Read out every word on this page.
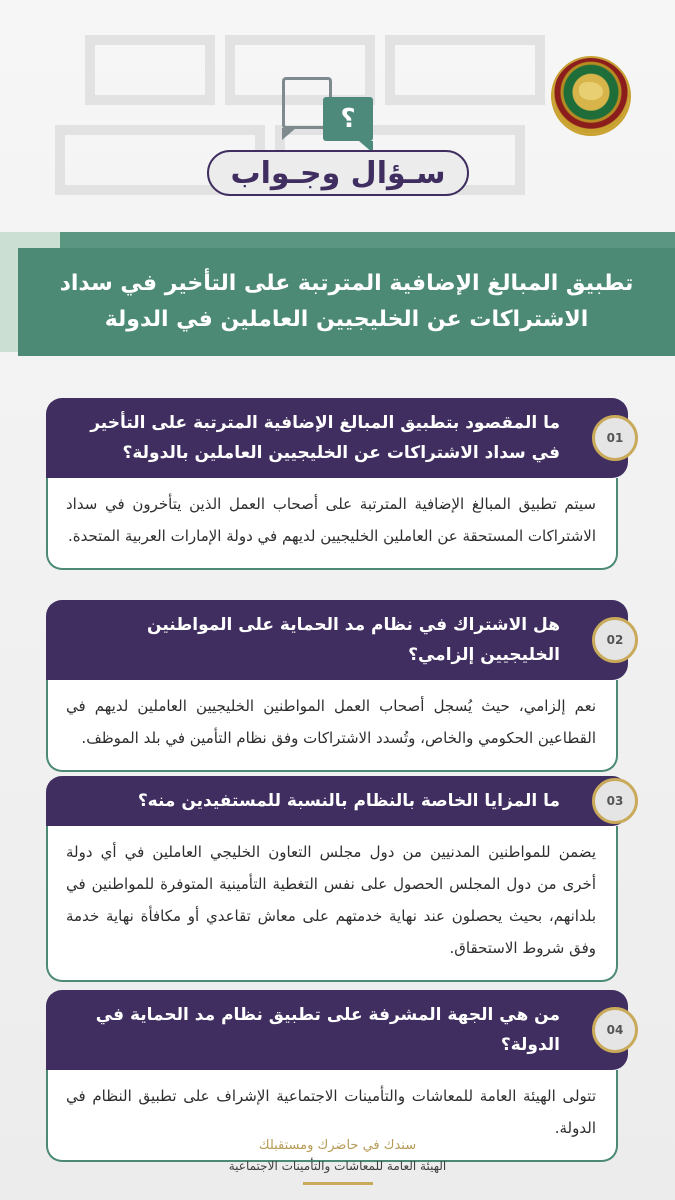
؟
سـؤال وجـواب
تطبيق المبالغ الإضافية المترتبة على التأخير في سداد
الاشتراكات عن الخليجيين العاملين في الدولة
ما المقصود بتطبيق المبالغ الإضافية المترتبة على التأخير في سداد الاشتراكات عن الخليجيين العاملين بالدولة؟
01
سيتم تطبيق المبالغ الإضافية المترتبة على أصحاب العمل الذين يتأخرون في سداد الاشتراكات المستحقة عن العاملين الخليجيين لديهم في دولة الإمارات العربية المتحدة.
هل الاشتراك في نظام مد الحماية على المواطنين الخليجيين إلزامي؟
02
نعم إلزامي، حيث يُسجل أصحاب العمل المواطنين الخليجيين العاملين لديهم في القطاعين الحكومي والخاص، وتُسدد الاشتراكات وفق نظام التأمين في بلد الموظف.
ما المزايا الخاصة بالنظام بالنسبة للمستفيدين منه؟	03
يضمن للمواطنين المدنيين من دول مجلس التعاون الخليجي العاملين في أي دولة أخرى من دول المجلس الحصول على نفس التغطية التأمينية المتوفرة للمواطنين في بلدانهم، بحيث يحصلون عند نهاية خدمتهم على معاش تقاعدي أو مكافأة نهاية خدمة وفق شروط الاستحقاق.
من هي الجهة المشرفة على تطبيق نظام مد الحماية في الدولة؟
04
تتولى الهيئة العامة للمعاشات والتأمينات الاجتماعية الإشراف على تطبيق النظام في الدولة.
سندك في حاضرك ومستقبلك
الهيئة العامة للمعاشات والتأمينات الاجتماعية
